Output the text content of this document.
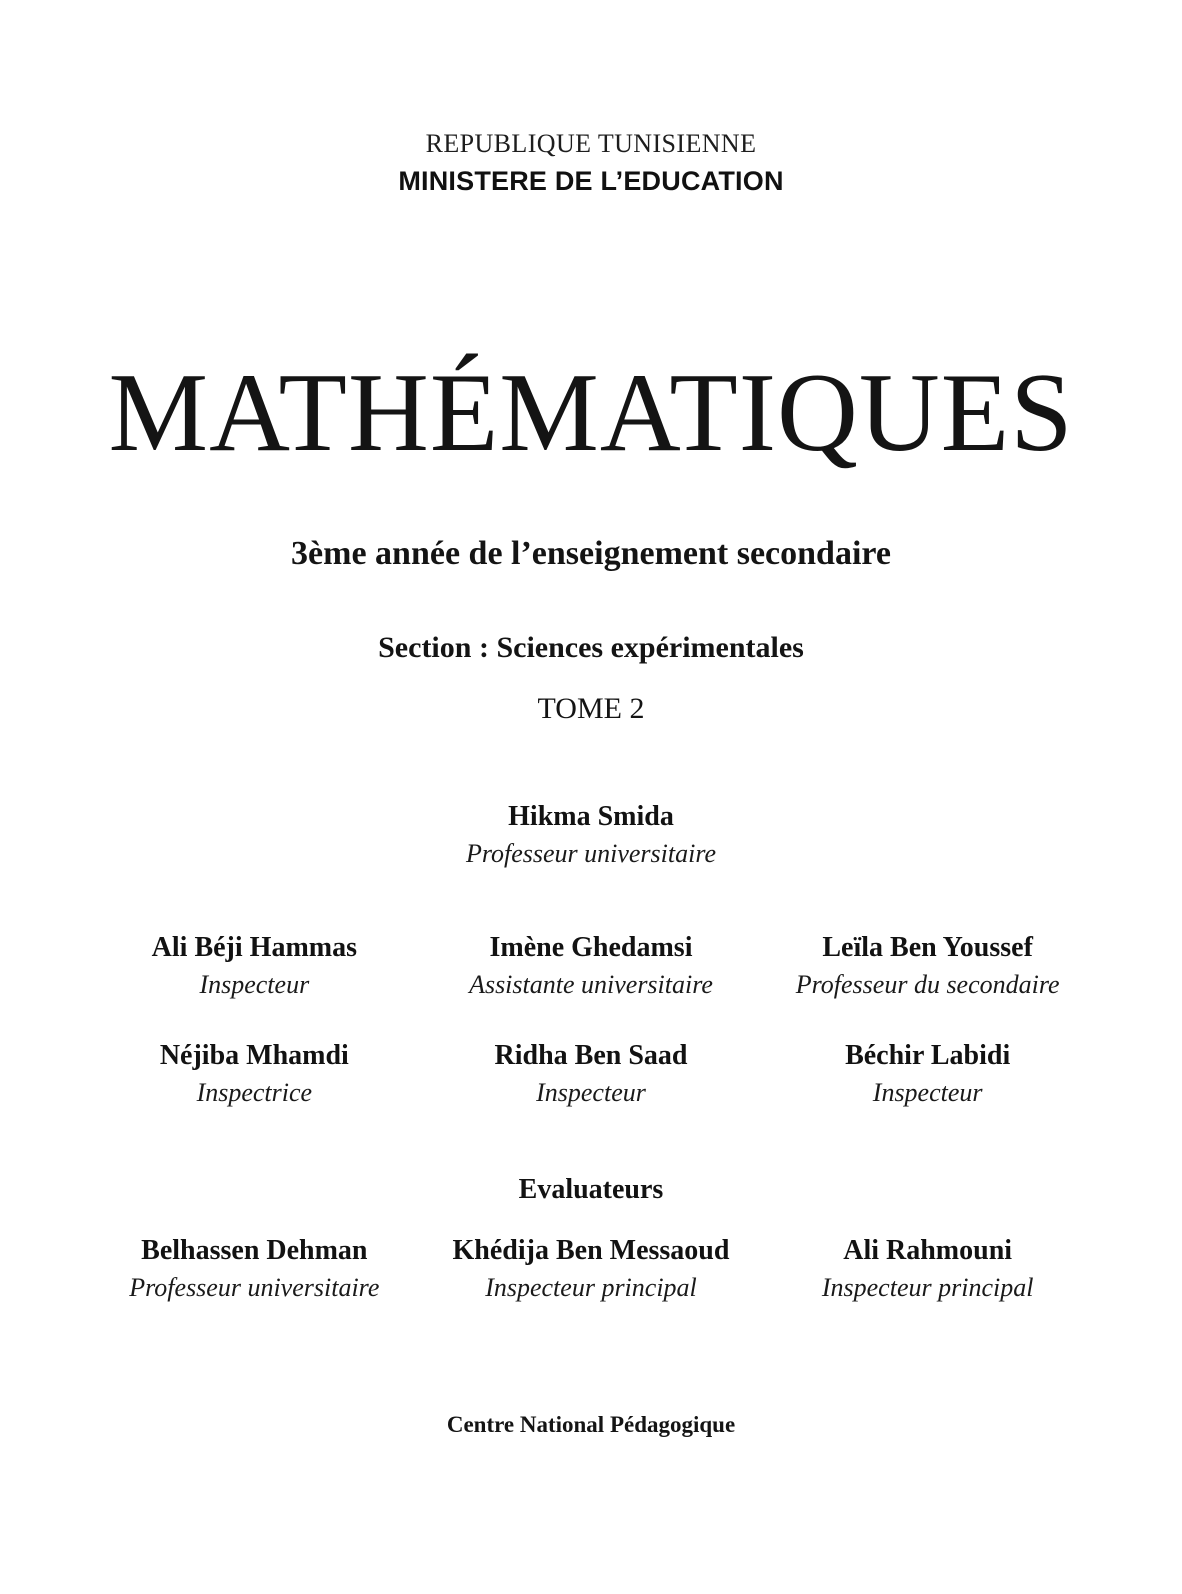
REPUBLIQUE TUNISIENNE
MINISTERE DE L’EDUCATION
MATHÉMATIQUES
3ème année de l’enseignement secondaire
Section : Sciences expérimentales
TOME 2
Hikma Smida
Professeur universitaire
Ali Béji Hammas
Inspecteur
Imène Ghedamsi
Assistante universitaire
Leïla Ben Youssef
Professeur du secondaire
Néjiba Mhamdi
Inspectrice
Ridha Ben Saad
Inspecteur
Béchir Labidi
Inspecteur
Evaluateurs
Belhassen Dehman
Professeur universitaire
Khédija Ben Messaoud
Inspecteur principal
Ali Rahmouni
Inspecteur principal
Centre National Pédagogique
